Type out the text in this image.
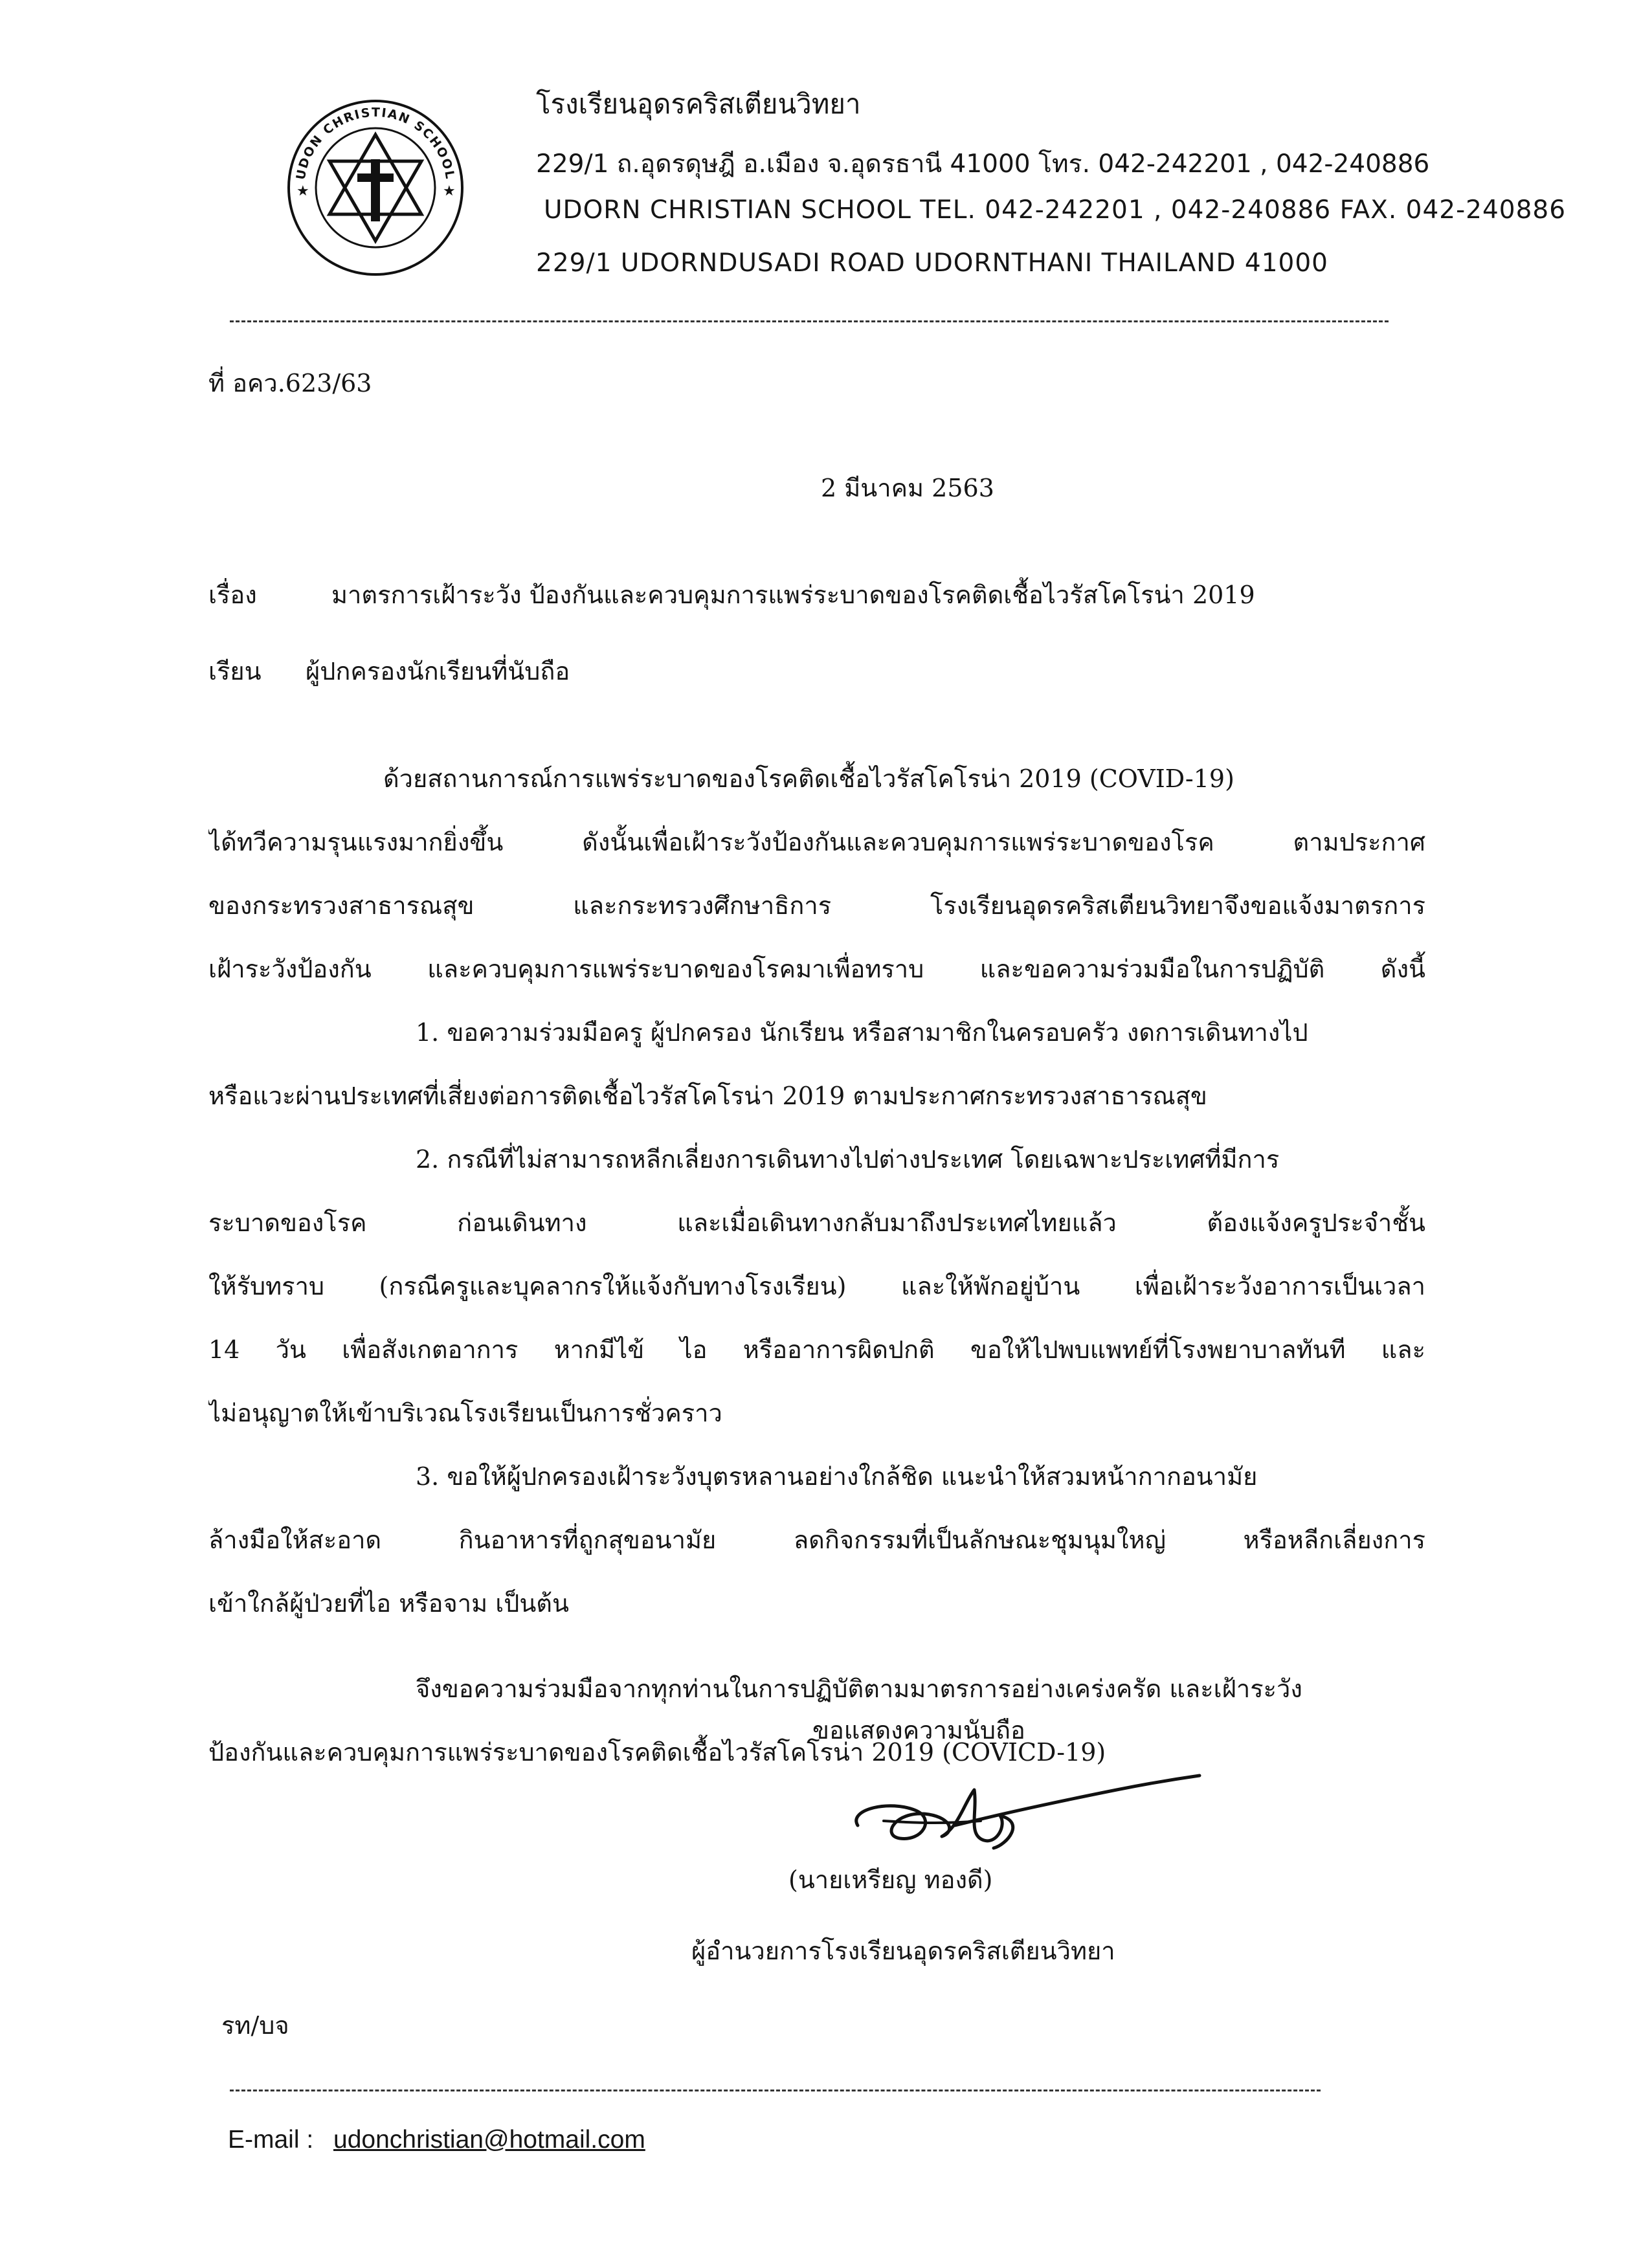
UDON CHRISTIAN SCHOOL
★	★
โรงเรียนอุดรคริสเตียนวิทยา
229/1 ถ.อุดรดุษฎี อ.เมือง จ.อุดรธานี 41000 โทร. 042-242201 , 042-240886
UDORN CHRISTIAN SCHOOL TEL. 042-242201 , 042-240886 FAX. 042-240886
229/1 UDORNDUSADI ROAD UDORNTHANI THAILAND 41000
ที่ อคว.623/63
2 มีนาคม 2563
เรื่อง	มาตรการเฝ้าระวัง ป้องกันและควบคุมการแพร่ระบาดของโรคติดเชื้อไวรัสโคโรน่า 2019
เรียน ผู้ปกครองนักเรียนที่นับถือ
ด้วยสถานการณ์การแพร่ระบาดของโรคติดเชื้อไวรัสโคโรน่า 2019 (COVID-19)
ได้ทวีความรุนแรงมากยิ่งขึ้น ดังนั้นเพื่อเฝ้าระวังป้องกันและควบคุมการแพร่ระบาดของโรค ตามประกาศ
ของกระทรวงสาธารณสุข และกระทรวงศึกษาธิการ โรงเรียนอุดรคริสเตียนวิทยาจึงขอแจ้งมาตรการ
เฝ้าระวังป้องกัน และควบคุมการแพร่ระบาดของโรคมาเพื่อทราบ และขอความร่วมมือในการปฏิบัติ ดังนี้
1. ขอความร่วมมือครู ผู้ปกครอง นักเรียน หรือสามาชิกในครอบครัว งดการเดินทางไป
หรือแวะผ่านประเทศที่เสี่ยงต่อการติดเชื้อไวรัสโคโรน่า 2019 ตามประกาศกระทรวงสาธารณสุข
2. กรณีที่ไม่สามารถหลีกเลี่ยงการเดินทางไปต่างประเทศ โดยเฉพาะประเทศที่มีการ
ระบาดของโรค ก่อนเดินทาง และเมื่อเดินทางกลับมาถึงประเทศไทยแล้ว ต้องแจ้งครูประจำชั้น
ให้รับทราบ (กรณีครูและบุคลากรให้แจ้งกับทางโรงเรียน) และให้พักอยู่บ้าน เพื่อเฝ้าระวังอาการเป็นเวลา
14 วัน เพื่อสังเกตอาการ หากมีไข้ ไอ หรืออาการผิดปกติ ขอให้ไปพบแพทย์ที่โรงพยาบาลทันที และ
ไม่อนุญาตให้เข้าบริเวณโรงเรียนเป็นการชั่วคราว
3. ขอให้ผู้ปกครองเฝ้าระวังบุตรหลานอย่างใกล้ชิด แนะนำให้สวมหน้ากากอนามัย
ล้างมือให้สะอาด กินอาหารที่ถูกสุขอนามัย ลดกิจกรรมที่เป็นลักษณะชุมนุมใหญ่ หรือหลีกเลี่ยงการ
เข้าใกล้ผู้ป่วยที่ไอ หรือจาม เป็นต้น
จึงขอความร่วมมือจากทุกท่านในการปฏิบัติตามมาตรการอย่างเคร่งครัด และเฝ้าระวัง
ป้องกันและควบคุมการแพร่ระบาดของโรคติดเชื้อไวรัสโคโรน่า 2019 (COVICD-19)
ขอแสดงความนับถือ
(นายเหรียญ ทองดี)
ผู้อำนวยการโรงเรียนอุดรคริสเตียนวิทยา
รท/บจ
E-mail : udonchristian@hotmail.com
